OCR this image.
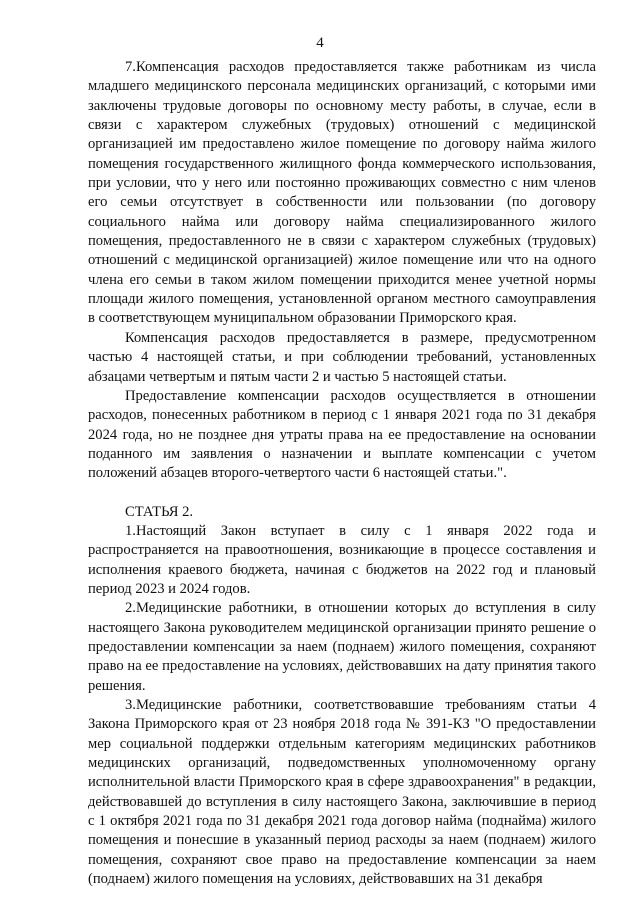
4

7.Компенсация расходов предоставляется также работникам из числа младшего медицинского персонала медицинских организаций, с которыми ими заключены трудовые договоры по основному месту работы, в случае, если в связи с характером служебных (трудовых) отношений с медицинской организацией им предоставлено жилое помещение по договору найма жилого помещения государственного жилищного фонда коммерческого использования, при условии, что у него или постоянно проживающих совместно с ним членов его семьи отсутствует в собственности или пользовании (по договору социального найма или договору найма специализированного жилого помещения, предоставленного не в связи с характером служебных (трудовых) отношений с медицинской организацией) жилое помещение или что на одного члена его семьи в таком жилом помещении приходится менее учетной нормы площади жилого помещения, установленной органом местного самоуправления в соответствующем муниципальном образовании Приморского края.

Компенсация расходов предоставляется в размере, предусмотренном частью 4 настоящей статьи, и при соблюдении требований, установленных абзацами четвертым и пятым части 2 и частью 5 настоящей статьи.

Предоставление компенсации расходов осуществляется в отношении расходов, понесенных работником в период с 1 января 2021 года по 31 декабря 2024 года, но не позднее дня утраты права на ее предоставление на основании поданного им заявления о назначении и выплате компенсации с учетом положений абзацев второго-четвертого части 6 настоящей статьи.".

СТАТЬЯ 2.

1.Настоящий Закон вступает в силу с 1 января 2022 года и распространяется на правоотношения, возникающие в процессе составления и исполнения краевого бюджета, начиная с бюджетов на 2022 год и плановый период 2023 и 2024 годов.

2.Медицинские работники, в отношении которых до вступления в силу настоящего Закона руководителем медицинской организации принято решение о предоставлении компенсации за наем (поднаем) жилого помещения, сохраняют право на ее предоставление на условиях, действовавших на дату принятия такого решения.

3.Медицинские работники, соответствовавшие требованиям статьи 4 Закона Приморского края от 23 ноября 2018 года № 391-КЗ "О предоставлении мер социальной поддержки отдельным категориям медицинских работников медицинских организаций, подведомственных уполномоченному органу исполнительной власти Приморского края в сфере здравоохранения" в редакции, действовавшей до вступления в силу настоящего Закона, заключившие в период с 1 октября 2021 года по 31 декабря 2021 года договор найма (поднайма) жилого помещения и понесшие в указанный период расходы за наем (поднаем) жилого помещения, сохраняют свое право на предоставление компенсации за наем (поднаем) жилого помещения на условиях, действовавших на 31 декабря
